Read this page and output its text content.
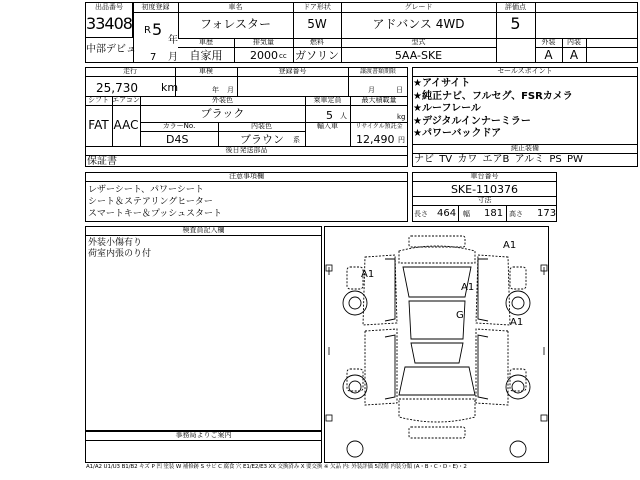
出品番号
33408
中部デビュ
初度登録
R 5
年
7 月
車名
フォレスター
ドア形状
5W
グレード
アドバンス 4WD
評価点
5
車歴
自家用
排気量
2000 cc
燃料
ガソリン
型式
5AA-SKE
外装	内装
A	A
走行
25,730 km
車検
年 月
登録番号	譲渡書類期限
月	日
シフト
FAT
エアコン
AAC
外装色
ブラック
カラーNo.
D4S
内装色
ブラウン 系
乗車定員
5 人
最大積載量
kg
輸入車	リサイクル預託金
12,490 円
後日発送部品
保証書
セールスポイント
★アイサイト
★純正ナビ、フルセグ、FSRカメラ
★ルーフレール
★デジタルインナーミラー
★パワーバックドア
純正装備
ナビ TV カワ エアB アルミ PS PW
注意事項欄
レザーシート、パワーシート
シート＆ステアリングヒーター
スマートキー＆プッシュスタート
車台番号
SKE-110376
寸法
長さ 464 幅 181 高さ 173
検査員記入欄
外装小傷有り
荷室内張のり付
事務局よりご案内
A1
A1
A1
A1
G
A1/A2 U1/U3 B1/B2 キズ P 凹 塗装 W 補修跡 S サビ C 腐食 穴 E1/E2/E3 XX 交換済み X 要交換 ※ 欠品 内: 外装評価 5段階 内装分類 (A・B・C・D・E)・2
